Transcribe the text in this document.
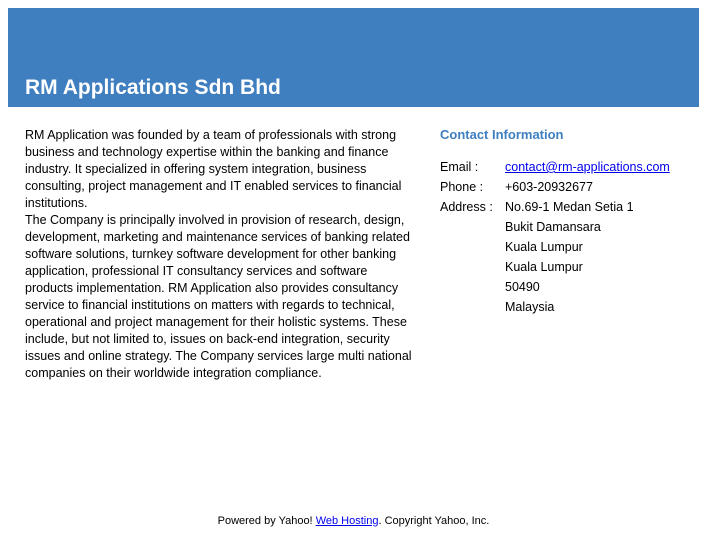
RM Applications Sdn Bhd

RM Application was founded by a team of professionals with strong business and technology expertise within the banking and finance industry. It specialized in offering system integration, business consulting, project management and IT enabled services to financial institutions.

The Company is principally involved in provision of research, design, development, marketing and maintenance services of banking related software solutions, turnkey software development for other banking application, professional IT consultancy services and software products implementation. RM Application also provides consultancy service to financial institutions on matters with regards to technical, operational and project management for their holistic systems. These include, but not limited to, issues on back-end integration, security issues and online strategy. The Company services large multi national companies on their worldwide integration compliance.

Contact Information
Email :	contact@rm-applications.com
Phone :	+603-20932677
Address :	No.69-1 Medan Setia 1
	Bukit Damansara
	Kuala Lumpur
	Kuala Lumpur
	50490
	Malaysia
Powered by Yahoo! Web Hosting. Copyright Yahoo, Inc.
